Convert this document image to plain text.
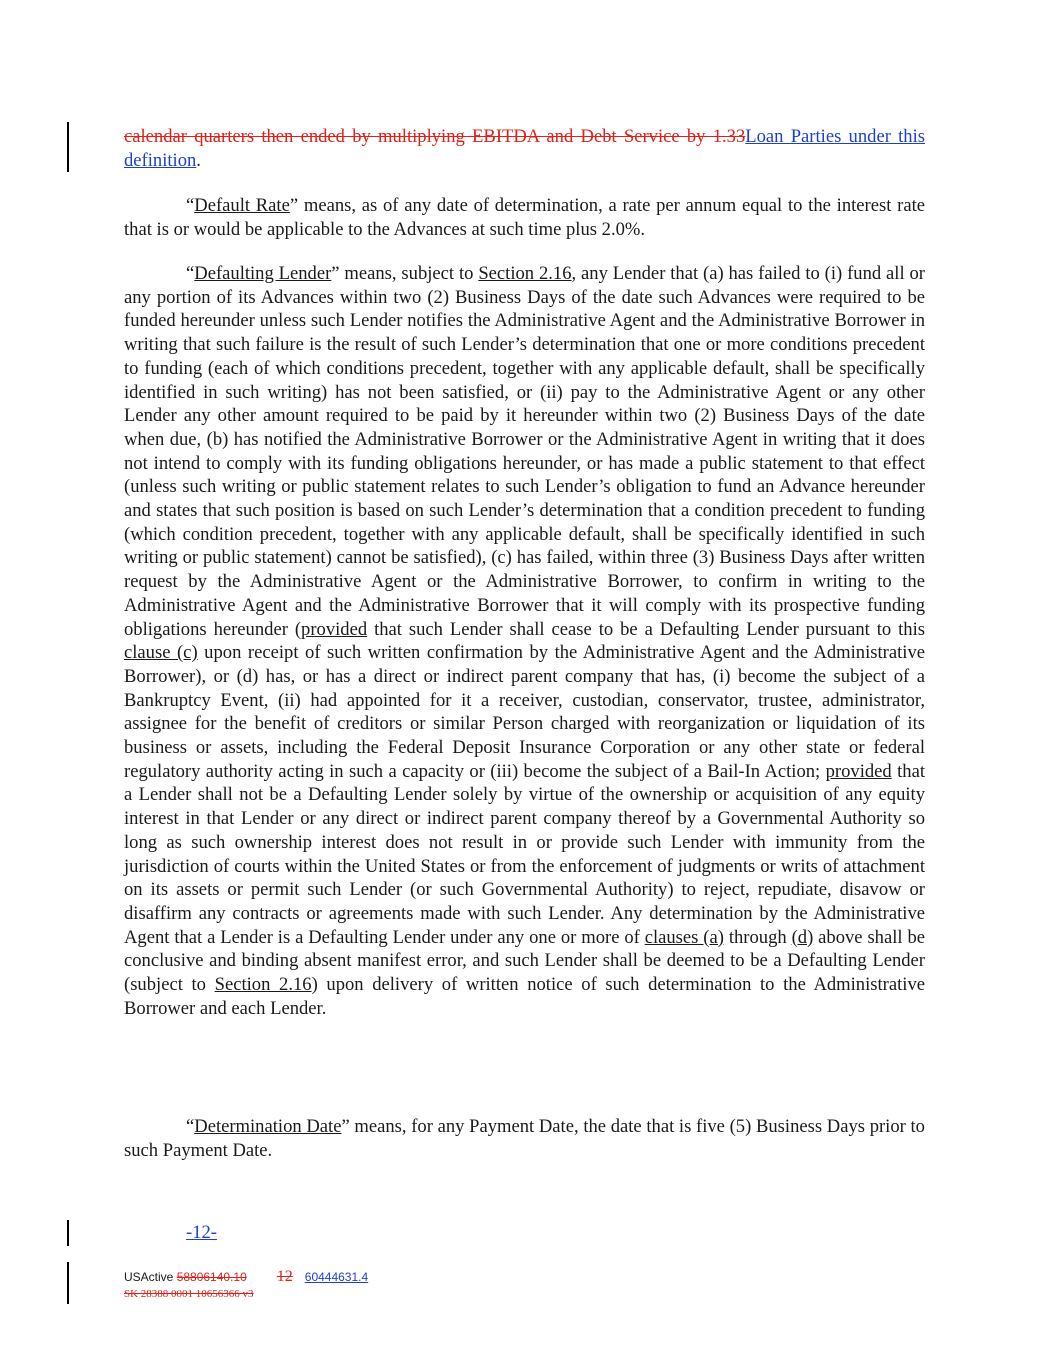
calendar quarters then ended by multiplying EBITDA and Debt Service by 1.33Loan Parties under this definition.

“Default Rate” means, as of any date of determination, a rate per annum equal to the interest rate that is or would be applicable to the Advances at such time plus 2.0%.

“Defaulting Lender” means, subject to Section 2.16, any Lender that (a) has failed to (i) fund all or any portion of its Advances within two (2) Business Days of the date such Advances were required to be funded hereunder unless such Lender notifies the Administrative Agent and the Administrative Borrower in writing that such failure is the result of such Lender’s determination that one or more conditions precedent to funding (each of which conditions precedent, together with any applicable default, shall be specifically identified in such writing) has not been satisfied, or (ii) pay to the Administrative Agent or any other Lender any other amount required to be paid by it hereunder within two (2) Business Days of the date when due, (b) has notified the Administrative Borrower or the Administrative Agent in writing that it does not intend to comply with its funding obligations hereunder, or has made a public statement to that effect (unless such writing or public statement relates to such Lender’s obligation to fund an Advance hereunder and states that such position is based on such Lender’s determination that a condition precedent to funding (which condition precedent, together with any applicable default, shall be specifically identified in such writing or public statement) cannot be satisfied), (c) has failed, within three (3) Business Days after written request by the Administrative Agent or the Administrative Borrower, to confirm in writing to the Administrative Agent and the Administrative Borrower that it will comply with its prospective funding obligations hereunder (provided that such Lender shall cease to be a Defaulting Lender pursuant to this clause (c) upon receipt of such written confirmation by the Administrative Agent and the Administrative Borrower), or (d) has, or has a direct or indirect parent company that has, (i) become the subject of a Bankruptcy Event, (ii) had appointed for it a receiver, custodian, conservator, trustee, administrator, assignee for the benefit of creditors or similar Person charged with reorganization or liquidation of its business or assets, including the Federal Deposit Insurance Corporation or any other state or federal regulatory authority acting in such a capacity or (iii) become the subject of a Bail-In Action; provided that a Lender shall not be a Defaulting Lender solely by virtue of the ownership or acquisition of any equity interest in that Lender or any direct or indirect parent company thereof by a Governmental Authority so long as such ownership interest does not result in or provide such Lender with immunity from the jurisdiction of courts within the United States or from the enforcement of judgments or writs of attachment on its assets or permit such Lender (or such Governmental Authority) to reject, repudiate, disavow or disaffirm any contracts or agreements made with such Lender. Any determination by the Administrative Agent that a Lender is a Defaulting Lender under any one or more of clauses (a) through (d) above shall be conclusive and binding absent manifest error, and such Lender shall be deemed to be a Defaulting Lender (subject to Section 2.16) upon delivery of written notice of such determination to the Administrative Borrower and each Lender.

“Determination Date” means, for any Payment Date, the date that is five (5) Business Days prior to such Payment Date.

-12-
USActive 58806140.10 12 60444631.4
SK 28388 0001 10656366 v3
